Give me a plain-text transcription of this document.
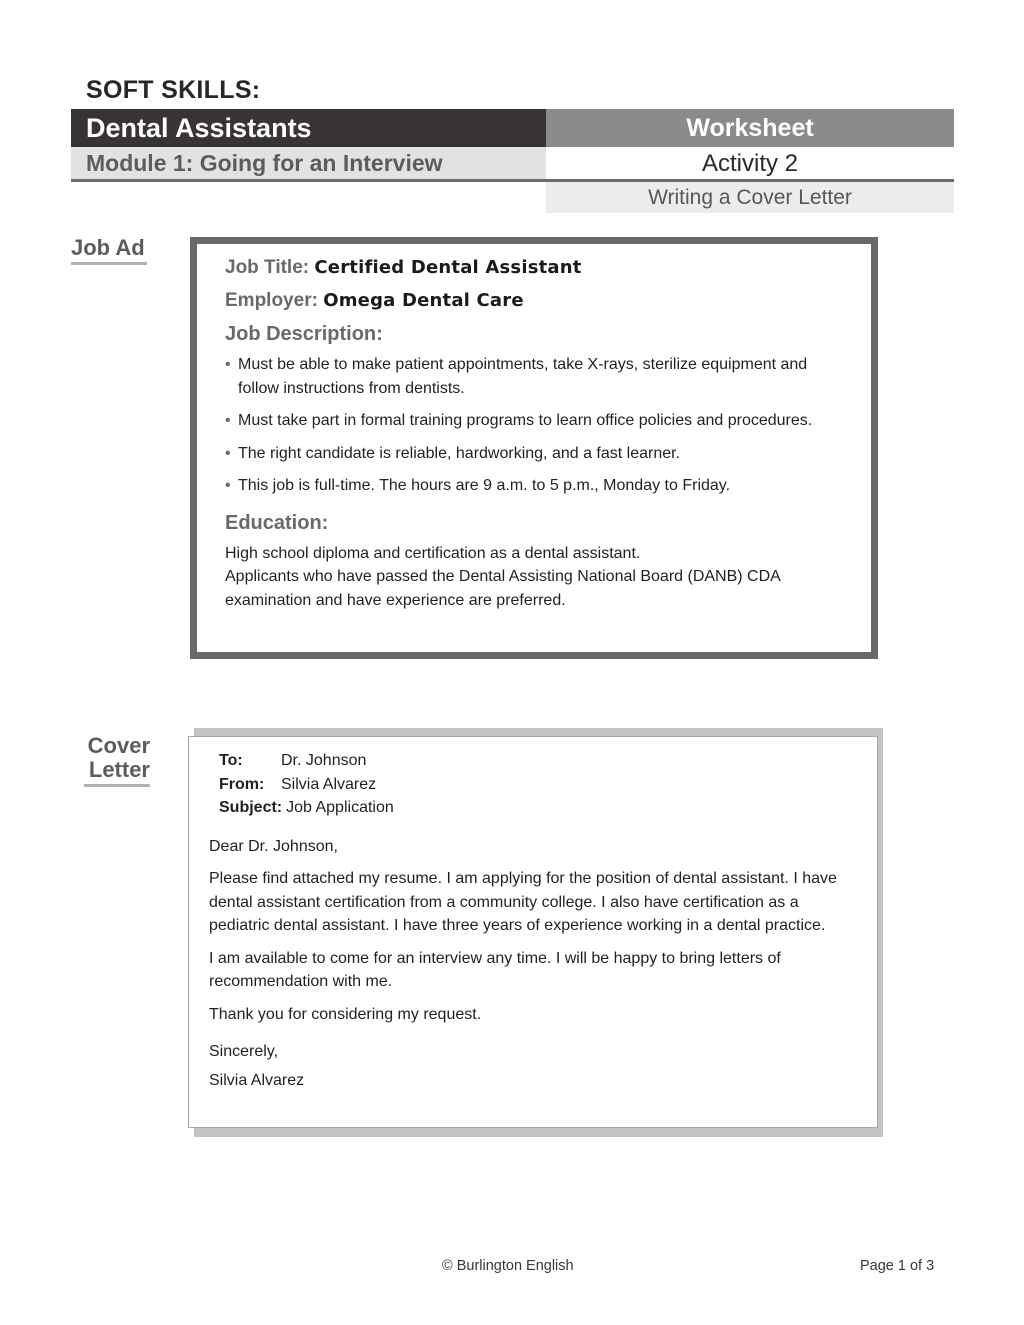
SOFT SKILLS:
Dental Assistants	Worksheet
Module 1: Going for an Interview	Activity 2
Writing a Cover Letter
Job Ad
Job Title: Certified Dental Assistant
Employer: Omega Dental Care
Job Description:
• Must be able to make patient appointments, take X-rays, sterilize equipment and follow instructions from dentists.
• Must take part in formal training programs to learn office policies and procedures.
• The right candidate is reliable, hardworking, and a fast learner.
• This job is full-time. The hours are 9 a.m. to 5 p.m., Monday to Friday.
Education:
High school diploma and certification as a dental assistant.
Applicants who have passed the Dental Assisting National Board (DANB) CDA examination and have experience are preferred.
Cover
Letter	To: Dr. Johnson
From: Silvia Alvarez
Subject: Job Application
Dear Dr. Johnson,
Please find attached my resume. I am applying for the position of dental assistant. I have dental assistant certification from a community college. I also have certification as a pediatric dental assistant. I have three years of experience working in a dental practice.
I am available to come for an interview any time. I will be happy to bring letters of recommendation with me.
Thank you for considering my request.
Sincerely,
Silvia Alvarez
© Burlington English	Page 1 of 3
